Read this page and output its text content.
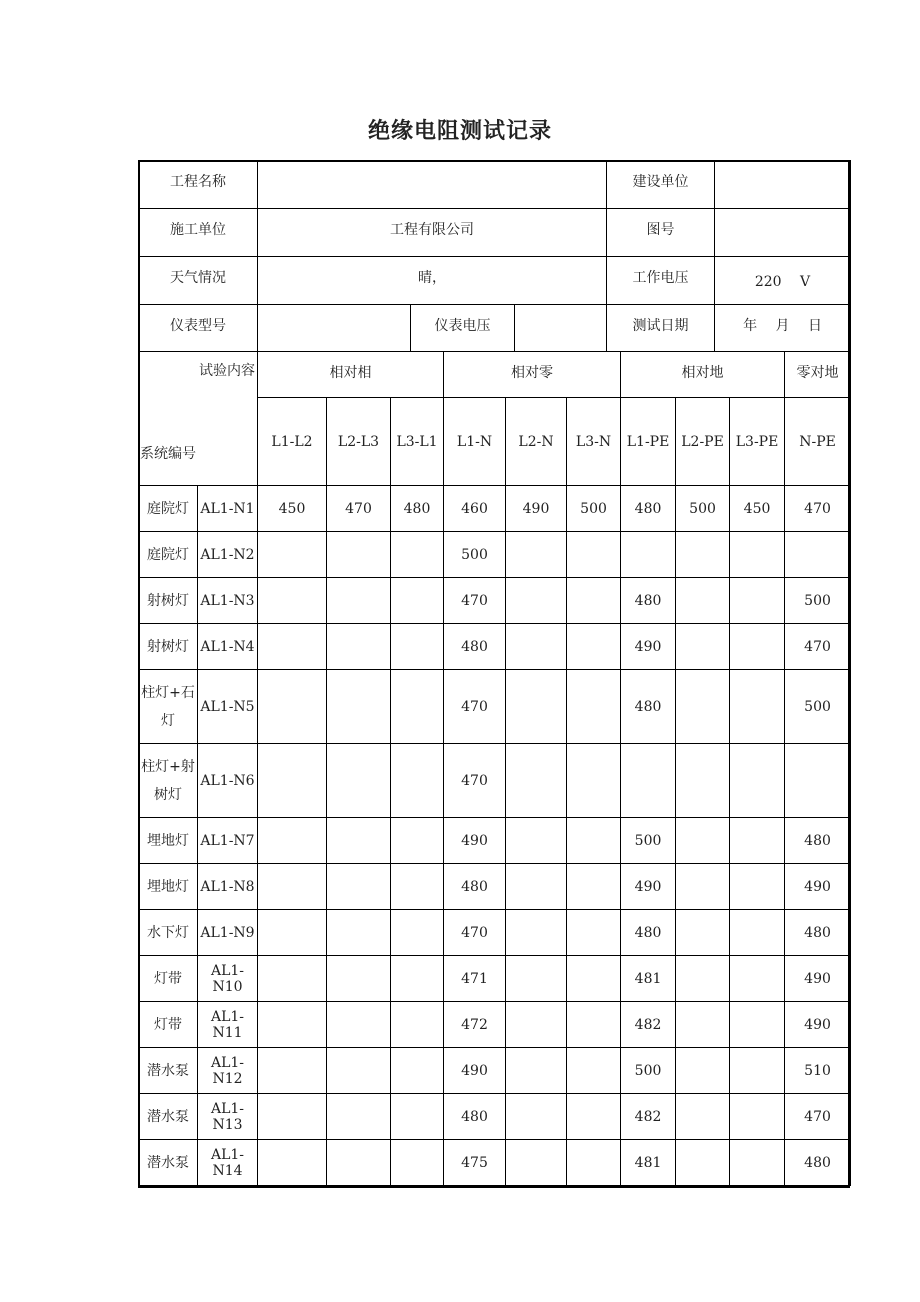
绝缘电阻测试记录
工程名称				建设单位	
施工单位	工程有限公司			图号	
天气情况	晴，			工作电压	220　 V
仪表型号		仪表电压		测试日期	年　 月　 日
试验内容
系统编号		相对相			相对零			相对地			零对地
		L1-L2	L2-L3	L3-L1	L1-N	L2-N	L3-N	L1-PE	L2-PE	L3-PE	N-PE
庭院灯	AL1-N1	450	470	480	460	490	500	480	500	450	470
庭院灯	AL1-N2				500						
射树灯	AL1-N3				470			480			500
射树灯	AL1-N4				480			490			470
柱灯+石灯	AL1-N5				470			480			500
柱灯+射树灯	AL1-N6				470						
埋地灯	AL1-N7				490			500			480
埋地灯	AL1-N8				480			490			490
水下灯	AL1-N9				470			480			480
灯带	AL1-N10				471			481			490
灯带	AL1-N11				472			482			490
潜水泵	AL1-N12				490			500			510
潜水泵	AL1-N13				480			482			470
潜水泵	AL1-N14				475			481			480
